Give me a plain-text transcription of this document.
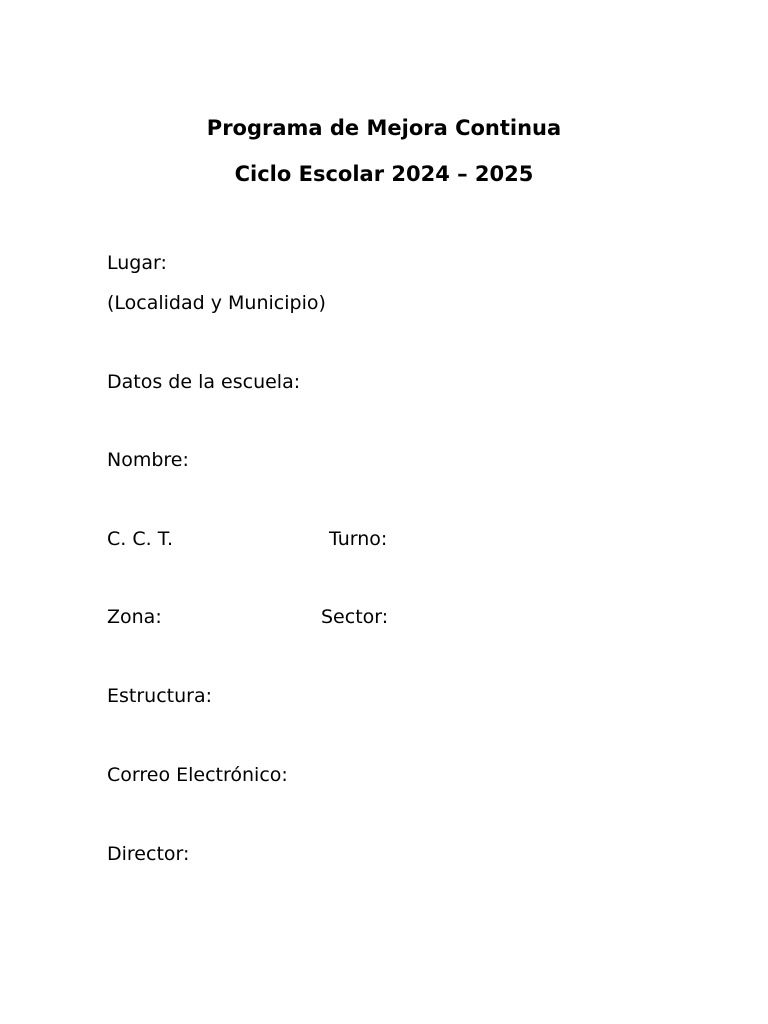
Programa de Mejora Continua
Ciclo Escolar 2024 – 2025
Lugar:
(Localidad y Municipio)
Datos de la escuela:
Nombre:
C. C. T.	Turno:
Zona:	Sector:
Estructura:
Correo Electrónico:
Director:
